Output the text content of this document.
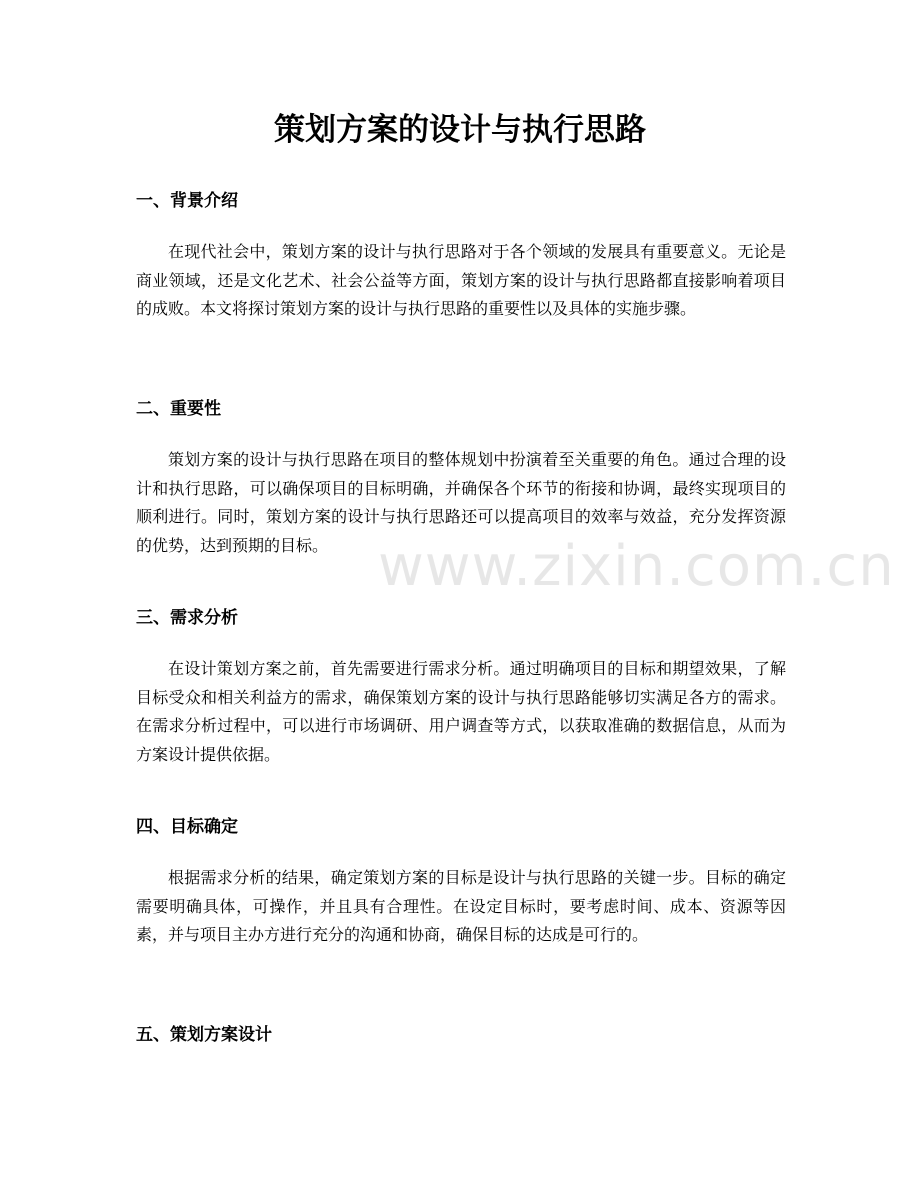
策划方案的设计与执行思路
一、背景介绍

在现代社会中，策划方案的设计与执行思路对于各个领域的发展具有重要意义。无论是商业领域，还是文化艺术、社会公益等方面，策划方案的设计与执行思路都直接影响着项目的成败。本文将探讨策划方案的设计与执行思路的重要性以及具体的实施步骤。

二、重要性

策划方案的设计与执行思路在项目的整体规划中扮演着至关重要的角色。通过合理的设计和执行思路，可以确保项目的目标明确，并确保各个环节的衔接和协调，最终实现项目的顺利进行。同时，策划方案的设计与执行思路还可以提高项目的效率与效益，充分发挥资源的优势，达到预期的目标。

三、需求分析

在设计策划方案之前，首先需要进行需求分析。通过明确项目的目标和期望效果，了解目标受众和相关利益方的需求，确保策划方案的设计与执行思路能够切实满足各方的需求。在需求分析过程中，可以进行市场调研、用户调查等方式，以获取准确的数据信息，从而为方案设计提供依据。

四、目标确定

根据需求分析的结果，确定策划方案的目标是设计与执行思路的关键一步。目标的确定需要明确具体，可操作，并且具有合理性。在设定目标时，要考虑时间、成本、资源等因素，并与项目主办方进行充分的沟通和协商，确保目标的达成是可行的。

五、策划方案设计
www.zixin.com.cn
